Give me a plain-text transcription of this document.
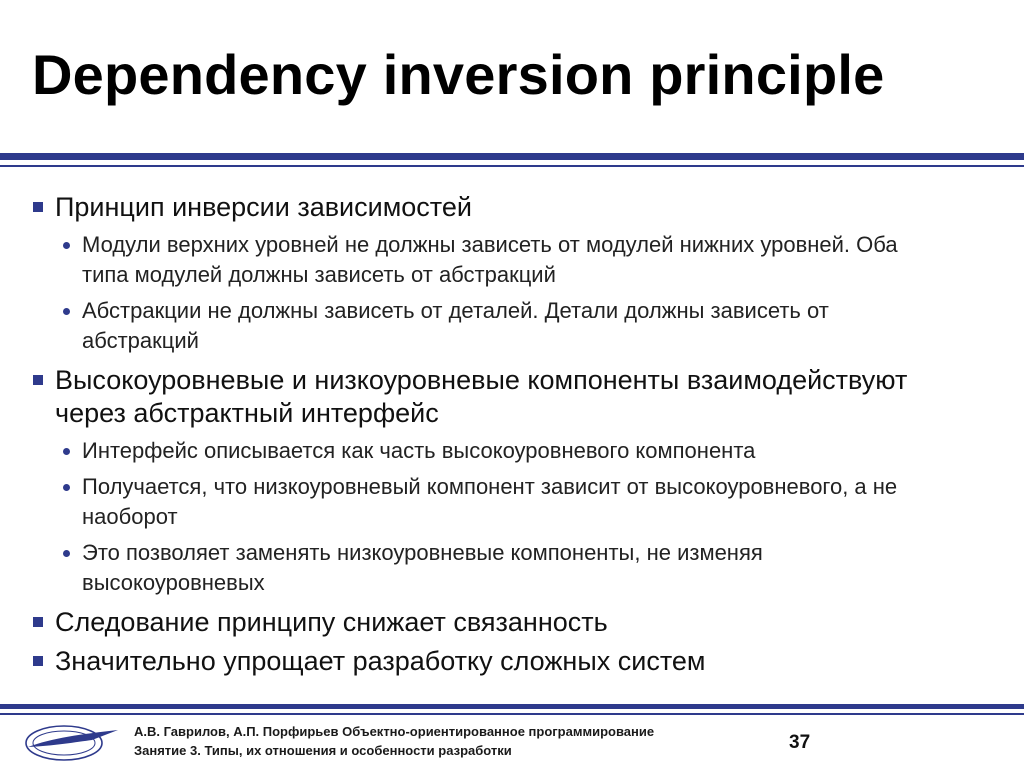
Dependency inversion principle
Принцип инверсии зависимостей
Модули верхних уровней не должны зависеть от модулей нижних уровней. Оба
типа модулей должны зависеть от абстракций
Абстракции не должны зависеть от деталей. Детали должны зависеть от
абстракций
Высокоуровневые и низкоуровневые компоненты взаимодействуют
через абстрактный интерфейс
Интерфейс описывается как часть высокоуровневого компонента
Получается, что низкоуровневый компонент зависит от высокоуровневого, а не
наоборот
Это позволяет заменять низкоуровневые компоненты, не изменяя
высокоуровневых
Следование принципу снижает связанность
Значительно упрощает разработку сложных систем
А.В. Гаврилов, А.П. Порфирьев Объектно-ориентированное программирование
Занятие 3. Типы, их отношения и особенности разработки	37
